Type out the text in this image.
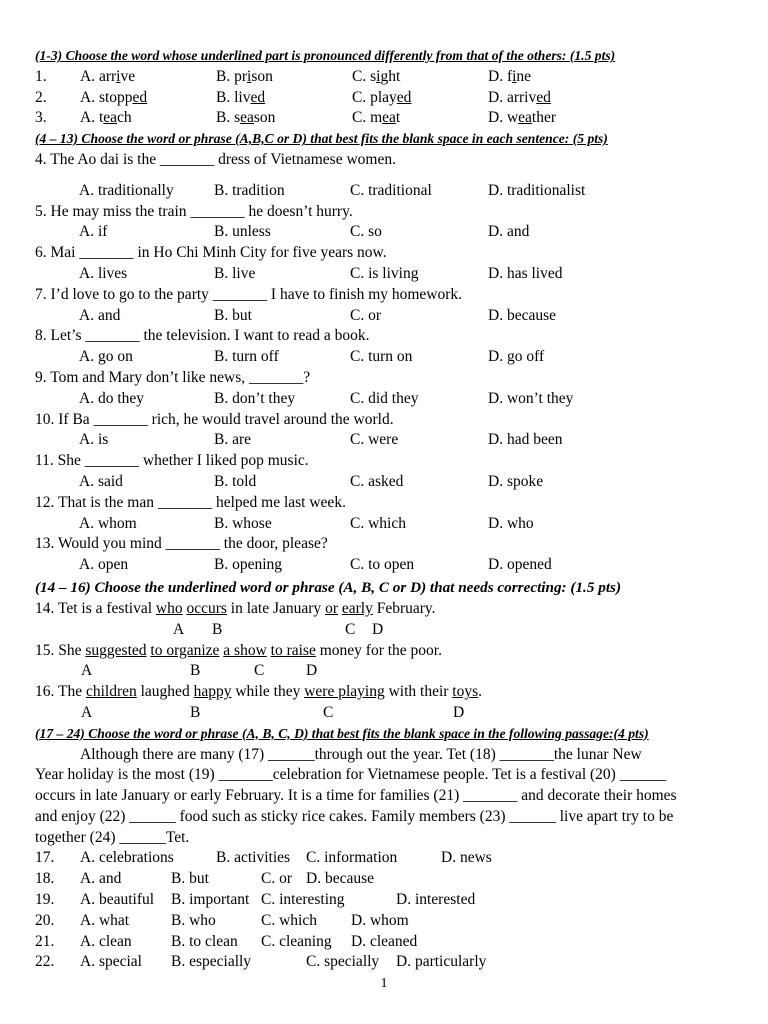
(1-3) Choose the word whose underlined part is pronounced differently from that of the others: (1.5 pts)
1. A. arrive	B. prison	C. sight	D. fine
2. A. stopped	B. lived	C. played	D. arrived
3. A. teach	B. season	C. meat	D. weather
(4 – 13) Choose the word or phrase (A,B,C or D) that best fits the blank space in each sentence: (5 pts)
4. The Ao dai is the _______ dress of Vietnamese women.
A. traditionally	B. tradition	C. traditional	D. traditionalist
5. He may miss the train _______ he doesn’t hurry.
A. if	B. unless	C. so	D. and
6. Mai _______ in Ho Chi Minh City for five years now.
A. lives	B. live	C. is living	D. has lived
7. I’d love to go to the party _______ I have to finish my homework.
A. and	B. but	C. or	D. because
8. Let’s _______ the television. I want to read a book.
A. go on	B. turn off	C. turn on	D. go off
9. Tom and Mary don’t like news, _______?
A. do they	B. don’t they	C. did they	D. won’t they
10. If Ba _______ rich, he would travel around the world.
A. is	B. are	C. were	D. had been
11. She _______ whether I liked pop music.
A. said	B. told	C. asked	D. spoke
12. That is the man _______ helped me last week.
A. whom	B. whose	C. which	D. who
13. Would you mind _______ the door, please?
A. open	B. opening	C. to open	D. opened
(14 – 16) Choose the underlined word or phrase (A, B, C or D) that needs correcting: (1.5 pts)
14. Tet is a festival who occurs in late January or early February.
A B	C D
15. She suggested to organize a show to raise money for the poor.
A	B	C	D
16. The children laughed happy while they were playing with their toys.
A	B	C	D
(17 – 24) Choose the word or phrase (A, B, C, D) that best fits the blank space in the following passage:(4 pts)
Although there are many (17) ______through out the year. Tet (18) _______the lunar New
Year holiday is the most (19) _______celebration for Vietnamese people. Tet is a festival (20) ______
occurs in late January or early February. It is a time for families (21) _______ and decorate their homes
and enjoy (22) ______ food such as sticky rice cakes. Family members (23) ______ live apart try to be
together (24) ______Tet.
17. A. celebrations	B. activities C. information	D. news
18. A. and	B. but	C. or D. because
19. A. beautiful B. important C. interesting	D. interested
20. A. what	B. who	C. which D. whom
21. A. clean	B. to clean C. cleaning D. cleaned
22. A. special B. especially	C. specially D. particularly
1
